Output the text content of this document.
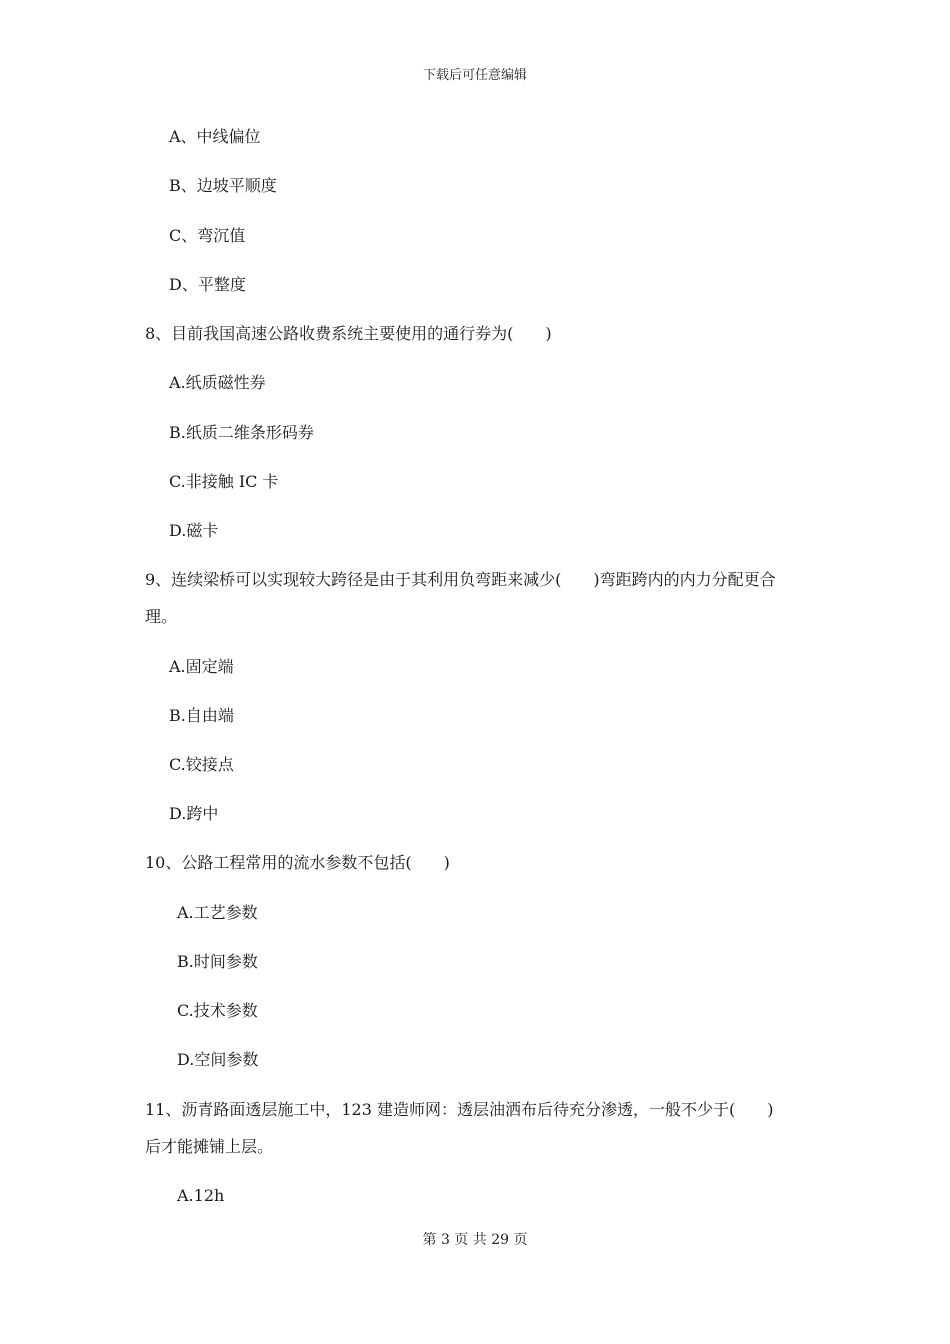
下载后可任意编辑
A、中线偏位
B、边坡平顺度
C、弯沉值
D、平整度
8、目前我国高速公路收费系统主要使用的通行券为(　　)
A.纸质磁性券
B.纸质二维条形码券
C.非接触 IC 卡
D.磁卡
9、连续梁桥可以实现较大跨径是由于其利用负弯距来减少(　　)弯距跨内的内力分配更合
理。
A.固定端
B.自由端
C.铰接点
D.跨中
10、公路工程常用的流水参数不包括(　　)
A.工艺参数
B.时间参数
C.技术参数
D.空间参数
11、沥青路面透层施工中，123 建造师网：透层油洒布后待充分渗透，一般不少于(　　)
后才能摊铺上层。
A.12h
第 3 页 共 29 页
